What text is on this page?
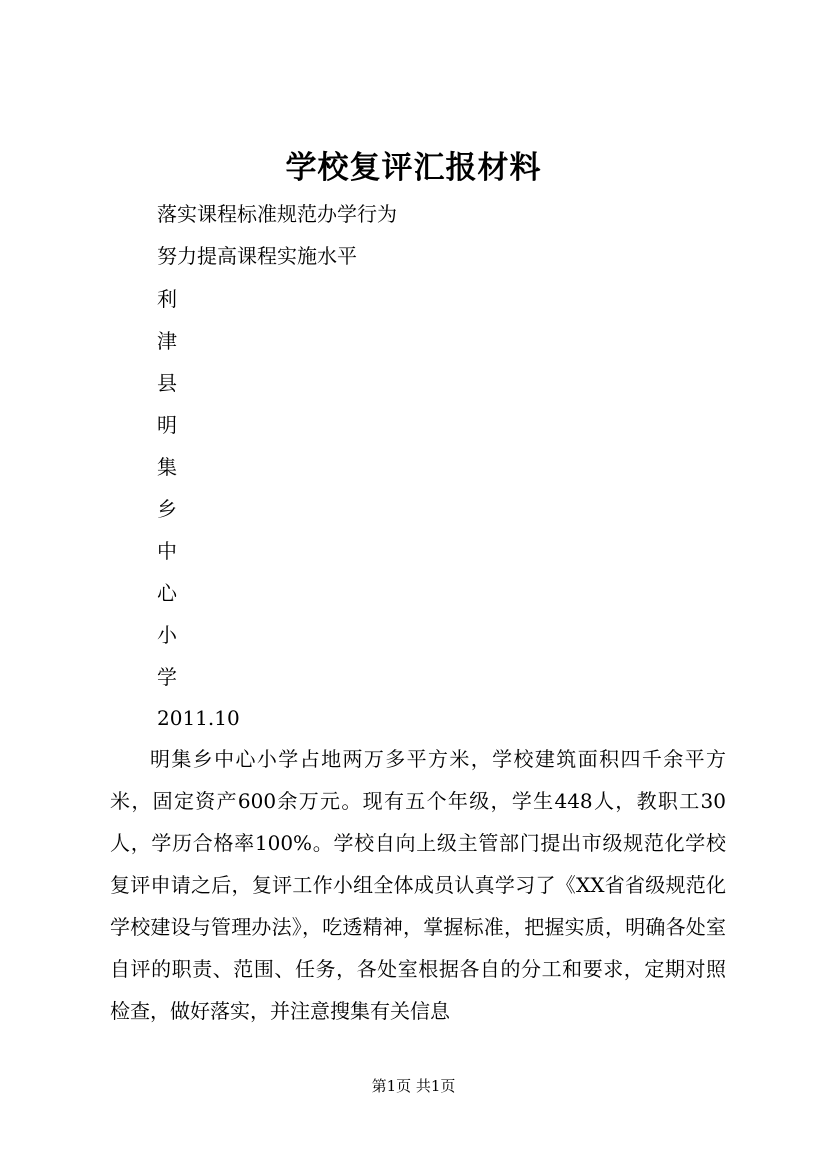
学校复评汇报材料

落实课程标准规范办学行为

努力提高课程实施水平

利

津

县

明

集

乡

中

心

小

学

2011.10

明集乡中心小学占地两万多平方米，学校建筑面积四千余平方米，固定资产600余万元。现有五个年级，学生448人，教职工30人，学历合格率100%。学校自向上级主管部门提出市级规范化学校复评申请之后，复评工作小组全体成员认真学习了《XX省省级规范化学校建设与管理办法》，吃透精神，掌握标准，把握实质，明确各处室自评的职责、范围、任务，各处室根据各自的分工和要求，定期对照检查，做好落实，并注意搜集有关信息

第1页 共1页
